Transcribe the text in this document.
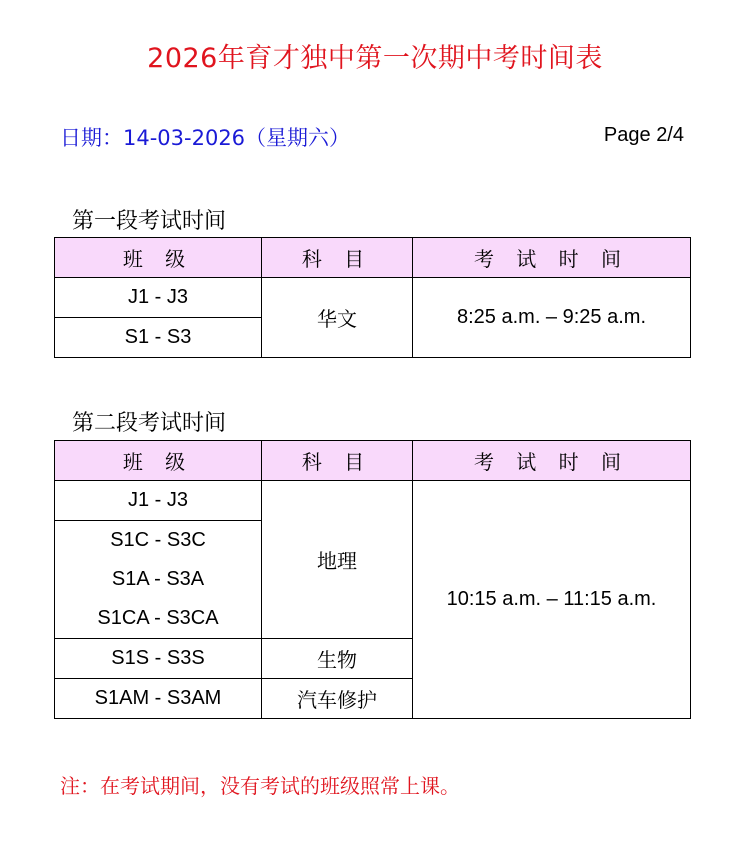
2026年育才独中第一次期中考时间表
日期：14-03-2026（星期六）	Page 2/4
第一段考试时间
班 级	科 目	考 试 时 间
J1 - J3	华文	8:25 a.m. – 9:25 a.m.
S1 - S3		
第二段考试时间
班 级	科 目	考 试 时 间
J1 - J3	地理	10:15 a.m. – 11:15 a.m.
S1C - S3C		
S1A - S3A		
S1CA - S3CA		
S1S - S3S	生物	
S1AM - S3AM	汽车修护	
注：在考试期间，没有考试的班级照常上课。
